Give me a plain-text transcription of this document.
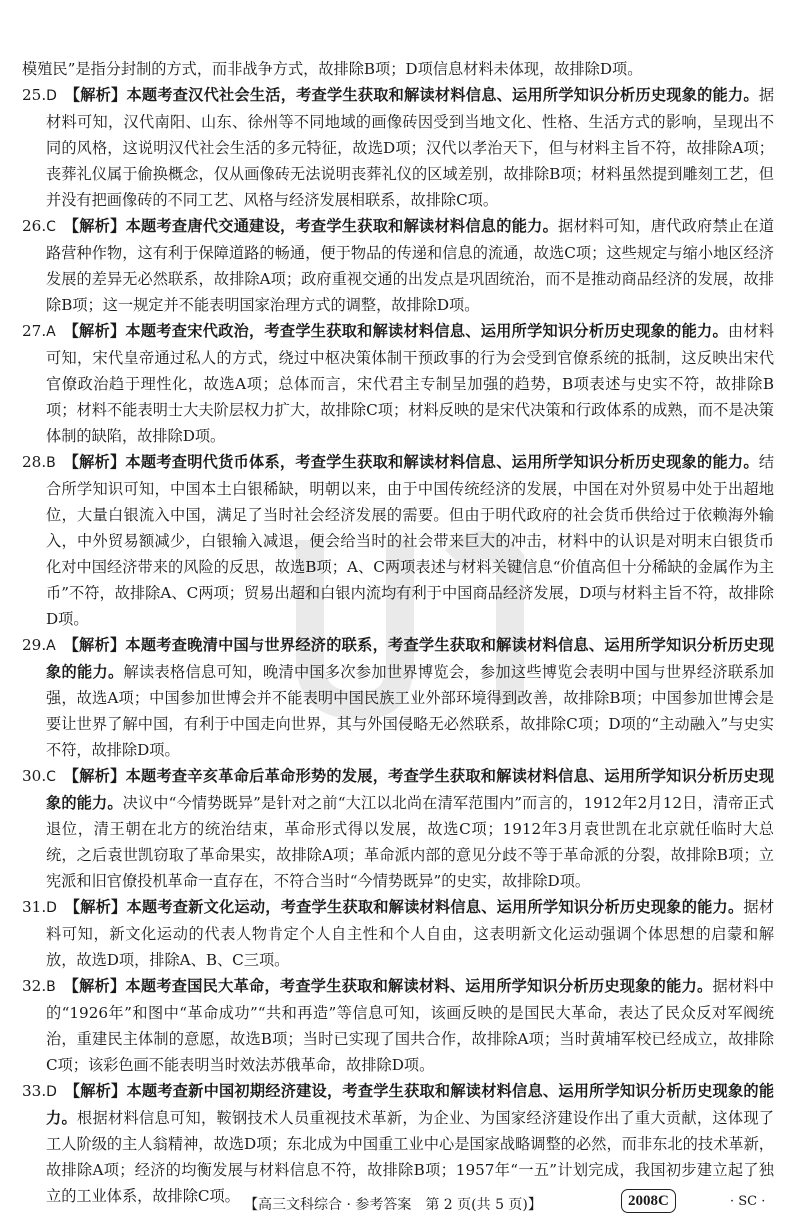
模殖民”是指分封制的方式，而非战争方式，故排除B项；D项信息材料未体现，故排除D项。

25.D  【解析】本题考查汉代社会生活，考查学生获取和解读材料信息、运用所学知识分析历史现象的能力。据材料可知，汉代南阳、山东、徐州等不同地域的画像砖因受到当地文化、性格、生活方式的影响，呈现出不同的风格，这说明汉代社会生活的多元特征，故选D项；汉代以孝治天下，但与材料主旨不符，故排除A项；丧葬礼仪属于偷换概念，仅从画像砖无法说明丧葬礼仪的区域差别，故排除B项；材料虽然提到雕刻工艺，但并没有把画像砖的不同工艺、风格与经济发展相联系，故排除C项。

26.C  【解析】本题考查唐代交通建设，考查学生获取和解读材料信息的能力。据材料可知，唐代政府禁止在道路营种作物，这有利于保障道路的畅通，便于物品的传递和信息的流通，故选C项；这些规定与缩小地区经济发展的差异无必然联系，故排除A项；政府重视交通的出发点是巩固统治，而不是推动商品经济的发展，故排除B项；这一规定并不能表明国家治理方式的调整，故排除D项。

27.A  【解析】本题考查宋代政治，考查学生获取和解读材料信息、运用所学知识分析历史现象的能力。由材料可知，宋代皇帝通过私人的方式，绕过中枢决策体制干预政事的行为会受到官僚系统的抵制，这反映出宋代官僚政治趋于理性化，故选A项；总体而言，宋代君主专制呈加强的趋势，B项表述与史实不符，故排除B项；材料不能表明士大夫阶层权力扩大，故排除C项；材料反映的是宋代决策和行政体系的成熟，而不是决策体制的缺陷，故排除D项。

28.B  【解析】本题考查明代货币体系，考查学生获取和解读材料信息、运用所学知识分析历史现象的能力。结合所学知识可知，中国本土白银稀缺，明朝以来，由于中国传统经济的发展，中国在对外贸易中处于出超地位，大量白银流入中国，满足了当时社会经济发展的需要。但由于明代政府的社会货币供给过于依赖海外输入，中外贸易额减少，白银输入减退，便会给当时的社会带来巨大的冲击，材料中的认识是对明末白银货币化对中国经济带来的风险的反思，故选B项；A、C两项表述与材料关键信息“价值高但十分稀缺的金属作为主币”不符，故排除A、C两项；贸易出超和白银内流均有利于中国商品经济发展，D项与材料主旨不符，故排除D项。

29.A  【解析】本题考查晚清中国与世界经济的联系，考查学生获取和解读材料信息、运用所学知识分析历史现象的能力。解读表格信息可知，晚清中国多次参加世界博览会，参加这些博览会表明中国与世界经济联系加强，故选A项；中国参加世博会并不能表明中国民族工业外部环境得到改善，故排除B项；中国参加世博会是要让世界了解中国，有利于中国走向世界，其与外国侵略无必然联系，故排除C项；D项的“主动融入”与史实不符，故排除D项。

30.C  【解析】本题考查辛亥革命后革命形势的发展，考查学生获取和解读材料信息、运用所学知识分析历史现象的能力。决议中“今情势既异”是针对之前“大江以北尚在清军范围内”而言的，1912年2月12日，清帝正式退位，清王朝在北方的统治结束，革命形式得以发展，故选C项；1912年3月袁世凯在北京就任临时大总统，之后袁世凯窃取了革命果实，故排除A项；革命派内部的意见分歧不等于革命派的分裂，故排除B项；立宪派和旧官僚投机革命一直存在，不符合当时“今情势既异”的史实，故排除D项。

31.D  【解析】本题考查新文化运动，考查学生获取和解读材料信息、运用所学知识分析历史现象的能力。据材料可知，新文化运动的代表人物肯定个人自主性和个人自由，这表明新文化运动强调个体思想的启蒙和解放，故选D项，排除A、B、C三项。

32.B  【解析】本题考查国民大革命，考查学生获取和解读材料、运用所学知识分析历史现象的能力。据材料中的“1926年”和图中“革命成功”“共和再造”等信息可知，该画反映的是国民大革命，表达了民众反对军阀统治，重建民主体制的意愿，故选B项；当时已实现了国共合作，故排除A项；当时黄埔军校已经成立，故排除C项；该彩色画不能表明当时效法苏俄革命，故排除D项。

33.D  【解析】本题考查新中国初期经济建设，考查学生获取和解读材料信息、运用所学知识分析历史现象的能力。根据材料信息可知，鞍钢技术人员重视技术革新，为企业、为国家经济建设作出了重大贡献，这体现了工人阶级的主人翁精神，故选D项；东北成为中国重工业中心是国家战略调整的必然，而非东北的技术革新，故排除A项；经济的均衡发展与材料信息不符，故排除B项；1957年“一五”计划完成，我国初步建立起了独立的工业体系，故排除C项。 【高三文科综合 · 参考答案　第 2 页(共 5 页)】	2008C	· SC ·
